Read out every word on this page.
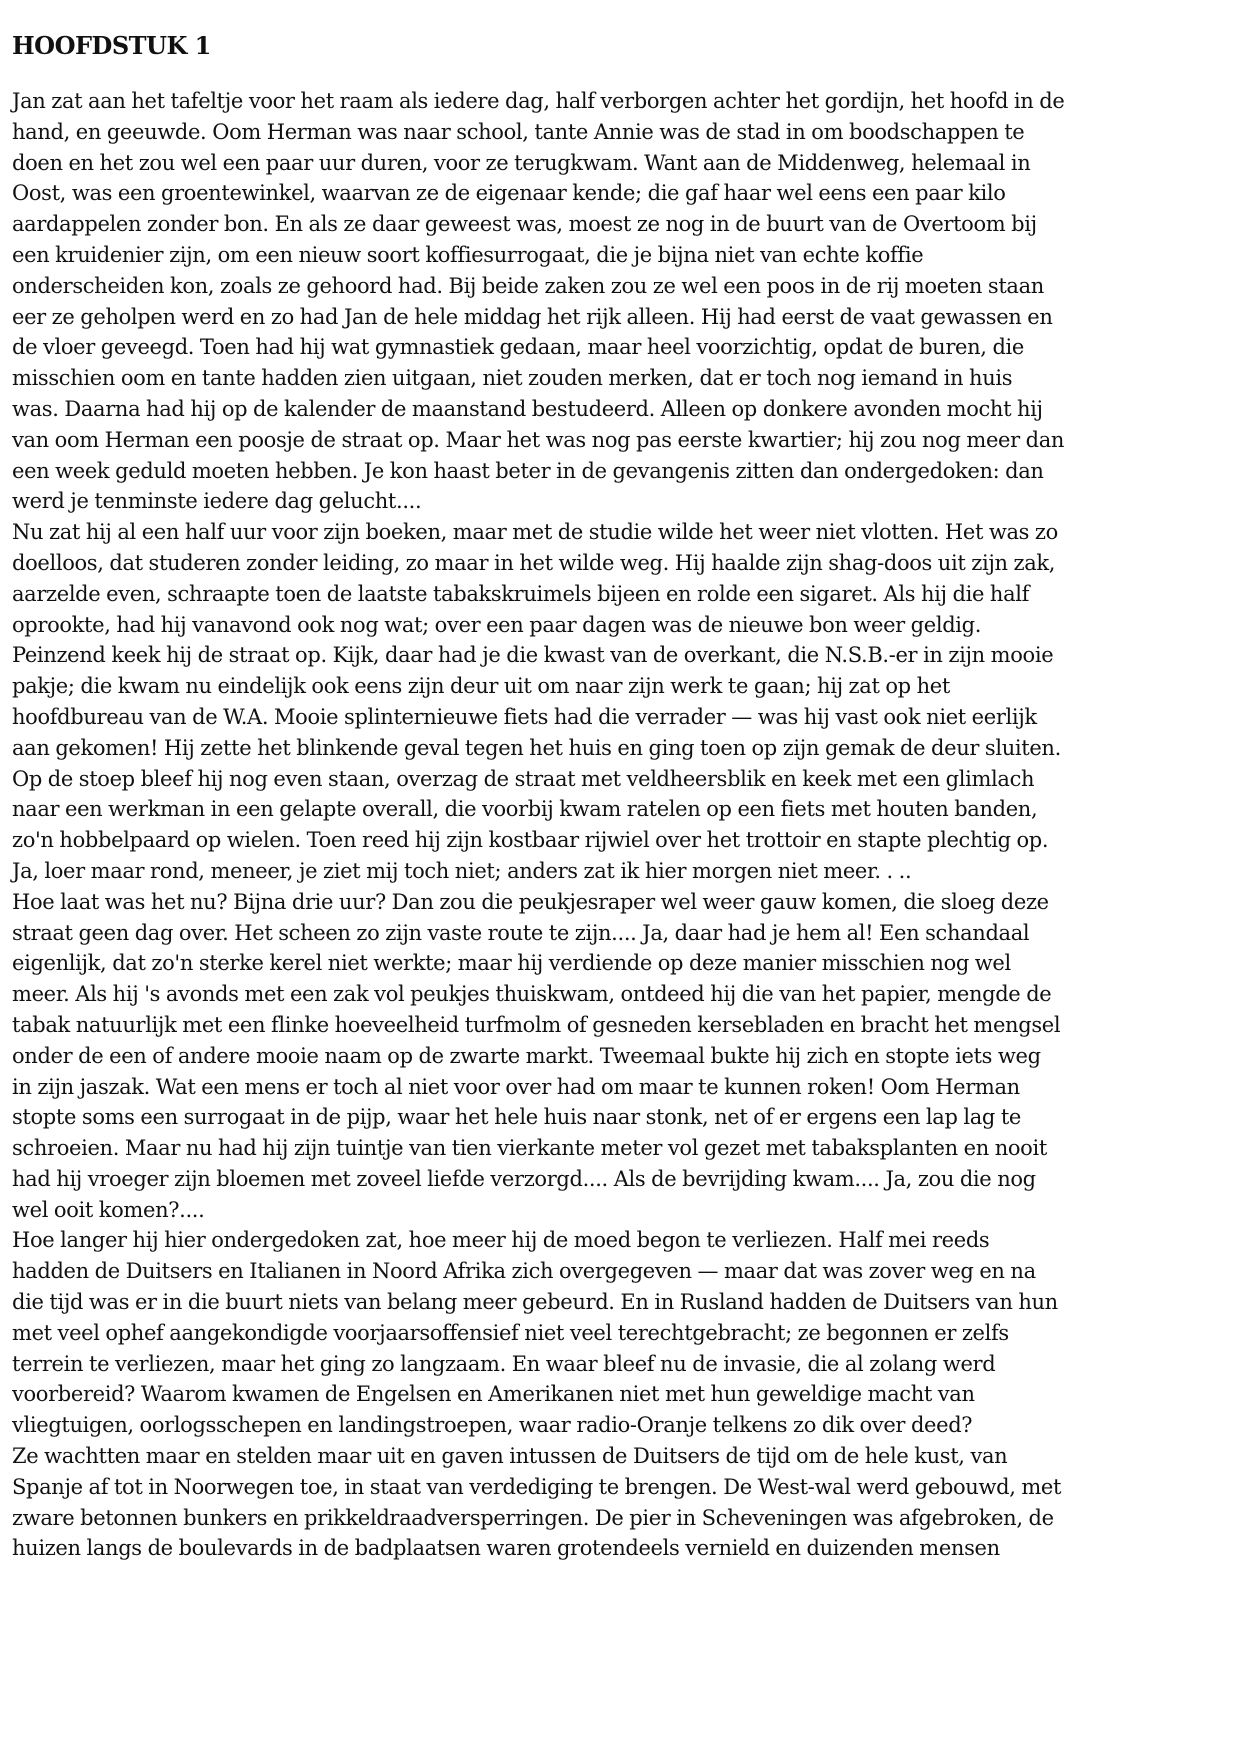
HOOFDSTUK 1
Jan zat aan het tafeltje voor het raam als iedere dag, half verborgen achter het gordijn, het hoofd in de
hand, en geeuwde. Oom Herman was naar school, tante Annie was de stad in om boodschappen te
doen en het zou wel een paar uur duren, voor ze terugkwam. Want aan de Middenweg, helemaal in
Oost, was een groentewinkel, waarvan ze de eigenaar kende; die gaf haar wel eens een paar kilo
aardappelen zonder bon. En als ze daar geweest was, moest ze nog in de buurt van de Overtoom bij
een kruidenier zijn, om een nieuw soort koffiesurrogaat, die je bijna niet van echte koffie
onderscheiden kon, zoals ze gehoord had. Bij beide zaken zou ze wel een poos in de rij moeten staan
eer ze geholpen werd en zo had Jan de hele middag het rijk alleen. Hij had eerst de vaat gewassen en
de vloer geveegd. Toen had hij wat gymnastiek gedaan, maar heel voorzichtig, opdat de buren, die
misschien oom en tante hadden zien uitgaan, niet zouden merken, dat er toch nog iemand in huis
was. Daarna had hij op de kalender de maanstand bestudeerd. Alleen op donkere avonden mocht hij
van oom Herman een poosje de straat op. Maar het was nog pas eerste kwartier; hij zou nog meer dan
een week geduld moeten hebben. Je kon haast beter in de gevangenis zitten dan ondergedoken: dan
werd je tenminste iedere dag gelucht....
Nu zat hij al een half uur voor zijn boeken, maar met de studie wilde het weer niet vlotten. Het was zo
doelloos, dat studeren zonder leiding, zo maar in het wilde weg. Hij haalde zijn shag-doos uit zijn zak,
aarzelde even, schraapte toen de laatste tabakskruimels bijeen en rolde een sigaret. Als hij die half
oprookte, had hij vanavond ook nog wat; over een paar dagen was de nieuwe bon weer geldig.
Peinzend keek hij de straat op. Kijk, daar had je die kwast van de overkant, die N.S.B.-er in zijn mooie
pakje; die kwam nu eindelijk ook eens zijn deur uit om naar zijn werk te gaan; hij zat op het
hoofdbureau van de W.A. Mooie splinternieuwe fiets had die verrader — was hij vast ook niet eerlijk
aan gekomen! Hij zette het blinkende geval tegen het huis en ging toen op zijn gemak de deur sluiten.
Op de stoep bleef hij nog even staan, overzag de straat met veldheersblik en keek met een glimlach
naar een werkman in een gelapte overall, die voorbij kwam ratelen op een fiets met houten banden,
zo'n hobbelpaard op wielen. Toen reed hij zijn kostbaar rijwiel over het trottoir en stapte plechtig op.
Ja, loer maar rond, meneer, je ziet mij toch niet; anders zat ik hier morgen niet meer. . ..
Hoe laat was het nu? Bijna drie uur? Dan zou die peukjesraper wel weer gauw komen, die sloeg deze
straat geen dag over. Het scheen zo zijn vaste route te zijn.... Ja, daar had je hem al! Een schandaal
eigenlijk, dat zo'n sterke kerel niet werkte; maar hij verdiende op deze manier misschien nog wel
meer. Als hij 's avonds met een zak vol peukjes thuiskwam, ontdeed hij die van het papier, mengde de
tabak natuurlijk met een flinke hoeveelheid turfmolm of gesneden kersebladen en bracht het mengsel
onder de een of andere mooie naam op de zwarte markt. Tweemaal bukte hij zich en stopte iets weg
in zijn jaszak. Wat een mens er toch al niet voor over had om maar te kunnen roken! Oom Herman
stopte soms een surrogaat in de pijp, waar het hele huis naar stonk, net of er ergens een lap lag te
schroeien. Maar nu had hij zijn tuintje van tien vierkante meter vol gezet met tabaksplanten en nooit
had hij vroeger zijn bloemen met zoveel liefde verzorgd.... Als de bevrijding kwam.... Ja, zou die nog
wel ooit komen?....
Hoe langer hij hier ondergedoken zat, hoe meer hij de moed begon te verliezen. Half mei reeds
hadden de Duitsers en Italianen in Noord Afrika zich overgegeven — maar dat was zover weg en na
die tijd was er in die buurt niets van belang meer gebeurd. En in Rusland hadden de Duitsers van hun
met veel ophef aangekondigde voorjaarsoffensief niet veel terechtgebracht; ze begonnen er zelfs
terrein te verliezen, maar het ging zo langzaam. En waar bleef nu de invasie, die al zolang werd
voorbereid? Waarom kwamen de Engelsen en Amerikanen niet met hun geweldige macht van
vliegtuigen, oorlogsschepen en landingstroepen, waar radio-Oranje telkens zo dik over deed?
Ze wachtten maar en stelden maar uit en gaven intussen de Duitsers de tijd om de hele kust, van
Spanje af tot in Noorwegen toe, in staat van verdediging te brengen. De West-wal werd gebouwd, met
zware betonnen bunkers en prikkeldraadversperringen. De pier in Scheveningen was afgebroken, de
huizen langs de boulevards in de badplaatsen waren grotendeels vernield en duizenden mensen
